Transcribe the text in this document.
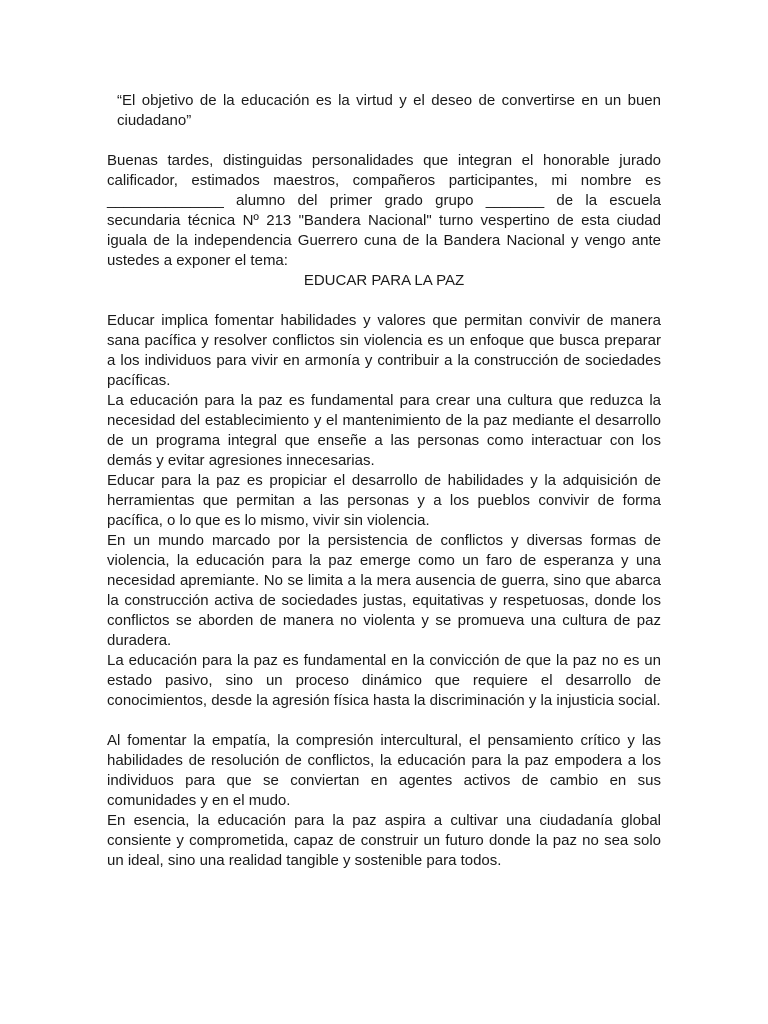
“El objetivo de la educación es la virtud y el deseo de convertirse en un buen ciudadano”

Buenas tardes, distinguidas personalidades que integran el honorable jurado calificador, estimados maestros, compañeros participantes, mi nombre es ______________ alumno del primer grado grupo _______ de la escuela secundaria técnica Nº 213 "Bandera Nacional" turno vespertino de esta ciudad iguala de la independencia Guerrero cuna de la Bandera Nacional y vengo ante ustedes a exponer el tema:

EDUCAR PARA LA PAZ

Educar implica fomentar habilidades y valores que permitan convivir de manera sana pacífica y resolver conflictos sin violencia es un enfoque que busca preparar a los individuos para vivir en armonía y contribuir a la construcción de sociedades pacíficas.

La educación para la paz es fundamental para crear una cultura que reduzca la necesidad del establecimiento y el mantenimiento de la paz mediante el desarrollo de un programa integral que enseñe a las personas como interactuar con los demás y evitar agresiones innecesarias.

Educar para la paz es propiciar el desarrollo de habilidades y la adquisición de herramientas que permitan a las personas y a los pueblos convivir de forma pacífica, o lo que es lo mismo, vivir sin violencia.

En un mundo marcado por la persistencia de conflictos y diversas formas de violencia, la educación para la paz emerge como un faro de esperanza y una necesidad apremiante. No se limita a la mera ausencia de guerra, sino que abarca la construcción activa de sociedades justas, equitativas y respetuosas, donde los conflictos se aborden de manera no violenta y se promueva una cultura de paz duradera.

La educación para la paz es fundamental en la convicción de que la paz no es un estado pasivo, sino un proceso dinámico que requiere el desarrollo de conocimientos, desde la agresión física hasta la discriminación y la injusticia social.

Al fomentar la empatía, la compresión intercultural, el pensamiento crítico y las habilidades de resolución de conflictos, la educación para la paz empodera a los individuos para que se conviertan en agentes activos de cambio en sus comunidades y en el mudo.

En esencia, la educación para la paz aspira a cultivar una ciudadanía global consiente y comprometida, capaz de construir un futuro donde la paz no sea solo un ideal, sino una realidad tangible y sostenible para todos.
